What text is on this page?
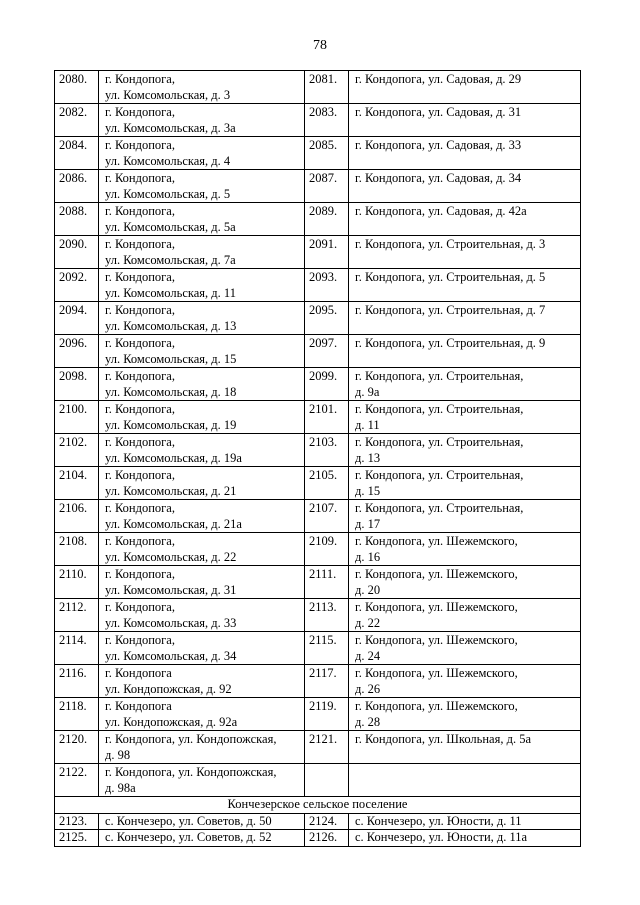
78
2080.	г. Кондопога,
ул. Комсомольская, д. 3	2081.	г. Кондопога, ул. Садовая, д. 29

2082.	г. Кондопога,
ул. Комсомольская, д. 3а	2083.	г. Кондопога, ул. Садовая, д. 31

2084.	г. Кондопога,
ул. Комсомольская, д. 4	2085.	г. Кондопога, ул. Садовая, д. 33

2086.	г. Кондопога,
ул. Комсомольская, д. 5	2087.	г. Кондопога, ул. Садовая, д. 34

2088.	г. Кондопога,
ул. Комсомольская, д. 5а	2089.	г. Кондопога, ул. Садовая, д. 42а

2090.	г. Кондопога,
ул. Комсомольская, д. 7а	2091.	г. Кондопога, ул. Строительная, д. 3

2092.	г. Кондопога,
ул. Комсомольская, д. 11	2093.	г. Кондопога, ул. Строительная, д. 5

2094.	г. Кондопога,
ул. Комсомольская, д. 13	2095.	г. Кондопога, ул. Строительная, д. 7

2096.	г. Кондопога,
ул. Комсомольская, д. 15	2097.	г. Кондопога, ул. Строительная, д. 9

2098.	г. Кондопога,
ул. Комсомольская, д. 18	2099.	г. Кондопога, ул. Строительная,
д. 9а

2100.	г. Кондопога,
ул. Комсомольская, д. 19	2101.	г. Кондопога, ул. Строительная,
д. 11

2102.	г. Кондопога,
ул. Комсомольская, д. 19а	2103.	г. Кондопога, ул. Строительная,
д. 13

2104.	г. Кондопога,
ул. Комсомольская, д. 21	2105.	г. Кондопога, ул. Строительная,
д. 15

2106.	г. Кондопога,
ул. Комсомольская, д. 21а	2107.	г. Кондопога, ул. Строительная,
д. 17

2108.	г. Кондопога,
ул. Комсомольская, д. 22	2109.	г. Кондопога, ул. Шежемского,
д. 16

2110.	г. Кондопога,
ул. Комсомольская, д. 31	2111.	г. Кондопога, ул. Шежемского,
д. 20

2112.	г. Кондопога,
ул. Комсомольская, д. 33	2113.	г. Кондопога, ул. Шежемского,
д. 22

2114.	г. Кондопога,
ул. Комсомольская, д. 34	2115.	г. Кондопога, ул. Шежемского,
д. 24

2116.	г. Кондопога
ул. Кондопожская, д. 92	2117.	г. Кондопога, ул. Шежемского,
д. 26

2118.	г. Кондопога
ул. Кондопожская, д. 92а	2119.	г. Кондопога, ул. Шежемского,
д. 28

2120.	г. Кондопога, ул. Кондопожская,
д. 98	2121.	г. Кондопога, ул. Школьная, д. 5а

2122.	г. Кондопога, ул. Кондопожская,
д. 98а		

Кончезерское сельское поселение			
2123.	с. Кончезеро, ул. Советов, д. 50	2124.	с. Кончезеро, ул. Юности, д. 11

2125.	с. Кончезеро, ул. Советов, д. 52	2126.	с. Кончезеро, ул. Юности, д. 11а
